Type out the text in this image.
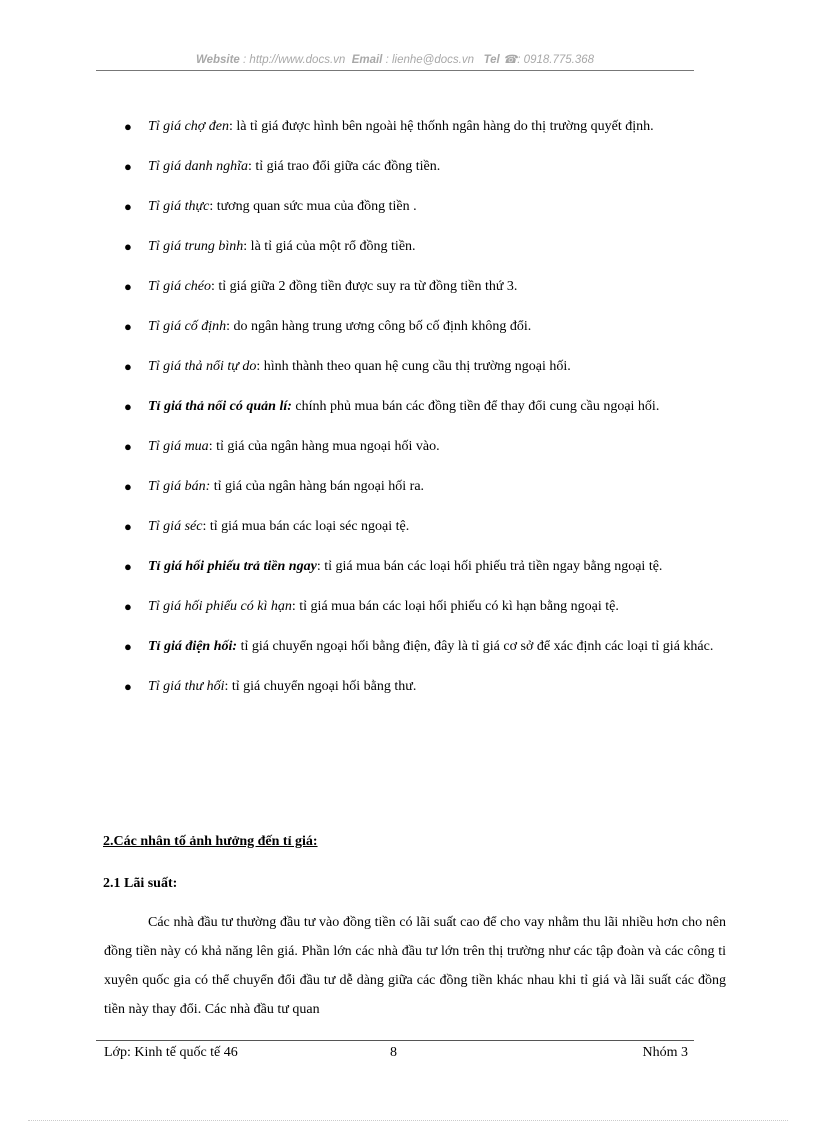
Website : http://www.docs.vn Email : lienhe@docs.vn Tel ☎: 0918.775.368
● Tỉ giá chợ đen: là tỉ giá được hình bên ngoài hệ thốnh ngân hàng do thị trường quyết định.
● Tỉ giá danh nghĩa: tỉ giá trao đổi giữa các đồng tiền.
● Tỉ giá thực: tương quan sức mua của đồng tiền .
● Tỉ giá trung bình: là tỉ giá của một rổ đồng tiền.
● Tỉ giá chéo: tỉ giá giữa 2 đồng tiền được suy ra từ đồng tiền thứ 3.
● Tỉ giá cố định: do ngân hàng trung ương công bố cố định không đổi.
● Tỉ giá thả nổi tự do: hình thành theo quan hệ cung cầu thị trường ngoại hối.
● Tỉ giá thả nổi có quản lí: chính phủ mua bán các đồng tiền để thay đổi cung cầu ngoại hối.
● Tỉ giá mua: tỉ giá của ngân hàng mua ngoại hối vào.
● Tỉ giá bán: tỉ giá của ngân hàng bán ngoại hối ra.
● Tỉ giá séc: tỉ giá mua bán các loại séc ngoại tệ.
● Tỉ giá hối phiếu trả tiền ngay: tỉ giá mua bán các loại hối phiếu trả tiền ngay bằng ngoại tệ.
● Tỉ giá hối phiếu có kì hạn: tỉ giá mua bán các loại hối phiếu có kì hạn bằng ngoại tệ.
● Tỉ giá điện hối: tỉ giá chuyển ngoại hối bằng điện, đây là tỉ giá cơ sở để xác định các loại tỉ giá khác.
● Tỉ giá thư hối: tỉ giá chuyển ngoại hối bằng thư.
2.Các nhân tố ảnh hưởng đến tỉ giá:
2.1 Lãi suất:
Các nhà đầu tư thường đầu tư vào đồng tiền có lãi suất cao để cho vay nhằm thu lãi nhiều hơn cho nên đồng tiền này có khả năng lên giá. Phần lớn các nhà đầu tư lớn trên thị trường như các tập đoàn và các công ti xuyên quốc gia có thể chuyển đổi đầu tư dễ dàng giữa các đồng tiền khác nhau khi tỉ giá và lãi suất các đồng tiền này thay đổi. Các nhà đầu tư quan
Lớp: Kinh tế quốc tế 46	8	Nhóm 3
